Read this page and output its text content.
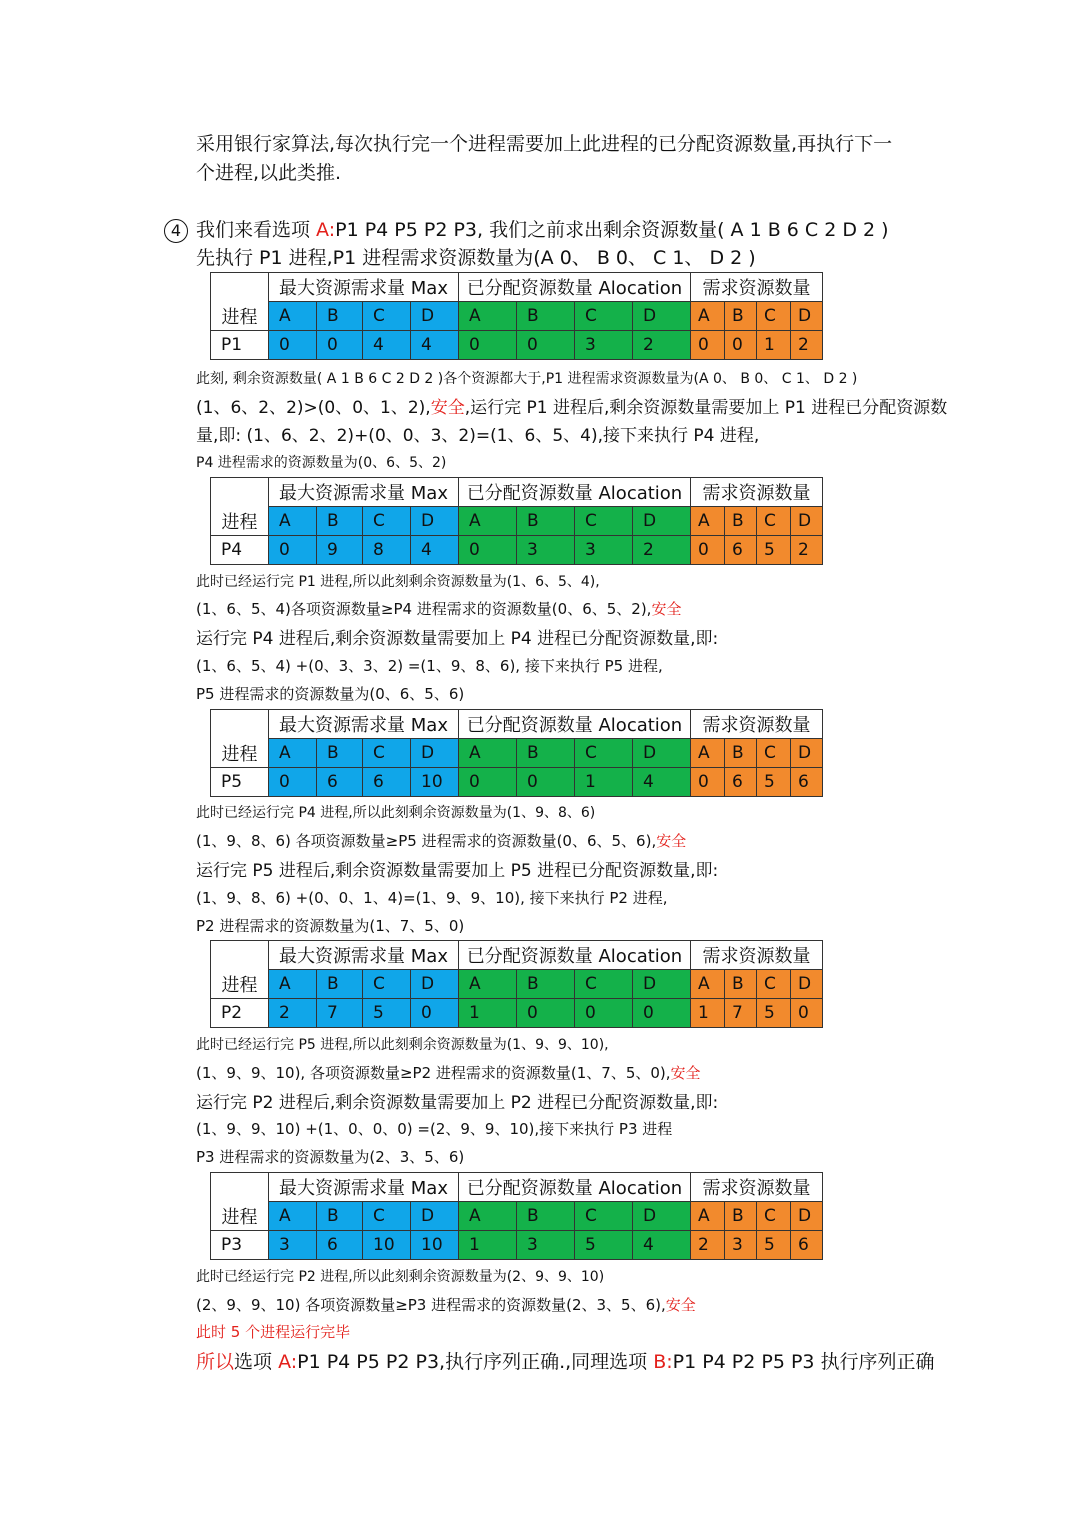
采用银行家算法,每次执行完一个进程需要加上此进程的已分配资源数量,再执行下一
个进程,以此类推.
4 我们来看选项 A:P1 P4 P5 P2 P3, 我们之前求出剩余资源数量( A 1 B 6 C 2 D 2 )
先执行 P1 进程,P1 进程需求资源数量为(A 0、 B 0、 C 1、 D 2 )
	最大资源需求量 Max				已分配资源数量 Alocation				需求资源数量			
进程	A	B	C	D	A	B	C	D	A	B	C	D
P1	0	0	4	4	0	0	3	2	0	0	1	2
	最大资源需求量 Max				已分配资源数量 Alocation				需求资源数量			
进程	A	B	C	D	A	B	C	D	A	B	C	D
P4	0	9	8	4	0	3	3	2	0	6	5	2
	最大资源需求量 Max				已分配资源数量 Alocation				需求资源数量			
进程	A	B	C	D	A	B	C	D	A	B	C	D
P5	0	6	6	10	0	0	1	4	0	6	5	6
	最大资源需求量 Max				已分配资源数量 Alocation				需求资源数量			
进程	A	B	C	D	A	B	C	D	A	B	C	D
P2	2	7	5	0	1	0	0	0	1	7	5	0
	最大资源需求量 Max				已分配资源数量 Alocation				需求资源数量			
进程	A	B	C	D	A	B	C	D	A	B	C	D
P3	3	6	10	10	1	3	5	4	2	3	5	6
此刻, 剩余资源数量( A 1 B 6 C 2 D 2 )各个资源都大于,P1 进程需求资源数量为(A 0、 B 0、 C 1、 D 2 )
(1、6、2、2)>(0、0、1、2),安全,运行完 P1 进程后,剩余资源数量需要加上 P1 进程已分配资源数
量,即: (1、6、2、2)+(0、0、3、2)=(1、6、5、4),接下来执行 P4 进程,
P4 进程需求的资源数量为(0、6、5、2)
此时已经运行完 P1 进程,所以此刻剩余资源数量为(1、6、5、4),
(1、6、5、4)各项资源数量≥P4 进程需求的资源数量(0、6、5、2),安全
运行完 P4 进程后,剩余资源数量需要加上 P4 进程已分配资源数量,即:
(1、6、5、4) +(0、3、3、2) =(1、9、8、6), 接下来执行 P5 进程,
P5 进程需求的资源数量为(0、6、5、6)
此时已经运行完 P4 进程,所以此刻剩余资源数量为(1、9、8、6)
(1、9、8、6) 各项资源数量≥P5 进程需求的资源数量(0、6、5、6),安全
运行完 P5 进程后,剩余资源数量需要加上 P5 进程已分配资源数量,即:
(1、9、8、6) +(0、0、1、4)=(1、9、9、10), 接下来执行 P2 进程,
P2 进程需求的资源数量为(1、7、5、0)
此时已经运行完 P5 进程,所以此刻剩余资源数量为(1、9、9、10),
(1、9、9、10), 各项资源数量≥P2 进程需求的资源数量(1、7、5、0),安全
运行完 P2 进程后,剩余资源数量需要加上 P2 进程已分配资源数量,即:
(1、9、9、10) +(1、0、0、0) =(2、9、9、10),接下来执行 P3 进程
P3 进程需求的资源数量为(2、3、5、6)
此时已经运行完 P2 进程,所以此刻剩余资源数量为(2、9、9、10)
(2、9、9、10) 各项资源数量≥P3 进程需求的资源数量(2、3、5、6),安全
此时 5 个进程运行完毕
所以选项 A:P1 P4 P5 P2 P3,执行序列正确.,同理选项 B:P1 P4 P2 P5 P3 执行序列正确
